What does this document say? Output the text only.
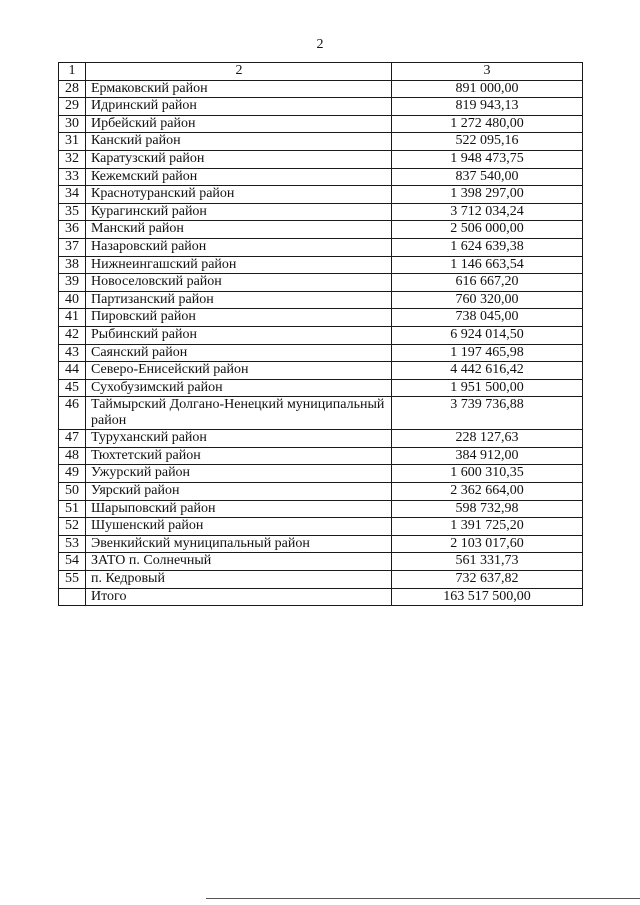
2
1	2	3
28	Ермаковский район	891 000,00
29	Идринский район	819 943,13
30	Ирбейский район	1 272 480,00
31	Канский район	522 095,16
32	Каратузский район	1 948 473,75
33	Кежемский район	837 540,00
34	Краснотуранский район	1 398 297,00
35	Курагинский район	3 712 034,24
36	Манский район	2 506 000,00
37	Назаровский район	1 624 639,38
38	Нижнеингашский район	1 146 663,54
39	Новоселовский район	616 667,20
40	Партизанский район	760 320,00
41	Пировский район	738 045,00
42	Рыбинский район	6 924 014,50
43	Саянский район	1 197 465,98
44	Северо-Енисейский район	4 442 616,42
45	Сухобузимский район	1 951 500,00
46	Таймырский Долгано-Ненецкий муниципальный район	3 739 736,88
47	Туруханский район	228 127,63
48	Тюхтетский район	384 912,00
49	Ужурский район	1 600 310,35
50	Уярский район	2 362 664,00
51	Шарыповский район	598 732,98
52	Шушенский район	1 391 725,20
53	Эвенкийский муниципальный район	2 103 017,60
54	ЗАТО п. Солнечный	561 331,73
55	п. Кедровый	732 637,82
	Итого	163 517 500,00
